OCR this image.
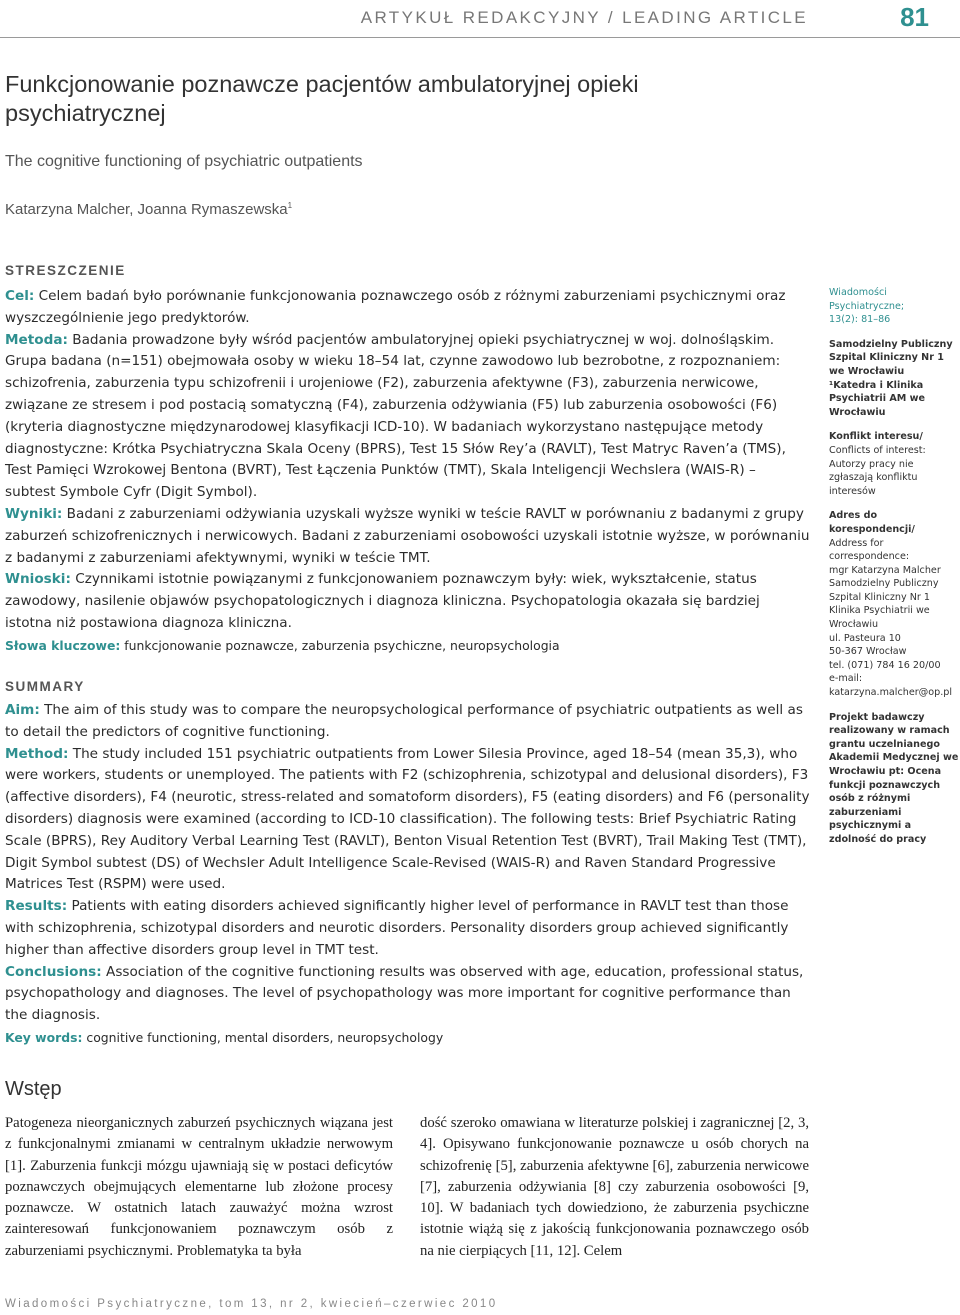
ARTYKUŁ REDAKCYJNY / LEADING ARTICLE	81
Funkcjonowanie poznawcze pacjentów ambulatoryjnej opieki psychiatrycznej
The cognitive functioning of psychiatric outpatients
Katarzyna Malcher, Joanna Rymaszewska$^1$
STRESZCZENIE
Cel: Celem badań było porównanie funkcjonowania poznawczego osób z różnymi zaburzeniami psychicznymi oraz wyszczególnienie jego predyktorów.
Metoda: Badania prowadzone były wśród pacjentów ambulatoryjnej opieki psychiatrycznej w woj. dolnośląskim. Grupa badana (n=151) obejmowała osoby w wieku 18–54 lat, czynne zawodowo lub bezrobotne, z rozpoznaniem: schizofrenia, zaburzenia typu schizofrenii i urojeniowe (F2), zaburzenia afektywne (F3), zaburzenia nerwicowe, związane ze stresem i pod postacią somatyczną (F4), zaburzenia odżywiania (F5) lub zaburzenia osobowości (F6) (kryteria diagnostyczne międzynarodowej klasyfikacji ICD-10). W badaniach wykorzystano następujące metody diagnostyczne: Krótka Psychiatryczna Skala Oceny (BPRS), Test 15 Słów Rey’a (RAVLT), Test Matryc Raven’a (TMS), Test Pamięci Wzrokowej Bentona (BVRT), Test Łączenia Punktów (TMT), Skala Inteligencji Wechslera (WAIS-R) – subtest Symbole Cyfr (Digit Symbol).
Wyniki: Badani z zaburzeniami odżywiania uzyskali wyższe wyniki w teście RAVLT w porównaniu z badanymi z grupy zaburzeń schizofrenicznych i nerwicowych. Badani z zaburzeniami osobowości uzyskali istotnie wyższe, w porównaniu z badanymi z zaburzeniami afektywnymi, wyniki w teście TMT.
Wnioski: Czynnikami istotnie powiązanymi z funkcjonowaniem poznawczym były: wiek, wykształcenie, status zawodowy, nasilenie objawów psychopatologicznych i diagnoza kliniczna. Psychopatologia okazała się bardziej istotna niż postawiona diagnoza kliniczna.
Słowa kluczowe: funkcjonowanie poznawcze, zaburzenia psychiczne, neuropsychologia
SUMMARY
Aim: The aim of this study was to compare the neuropsychological performance of psychiatric outpatients as well as to detail the predictors of cognitive functioning.
Method: The study included 151 psychiatric outpatients from Lower Silesia Province, aged 18–54 (mean 35,3), who were workers, students or unemployed. The patients with F2 (schizophrenia, schizotypal and delusional disorders), F3 (affective disorders), F4 (neurotic, stress-related and somatoform disorders), F5 (eating disorders) and F6 (personality disorders) diagnosis were examined (according to ICD-10 classification). The following tests: Brief Psychiatric Rating Scale (BPRS), Rey Auditory Verbal Learning Test (RAVLT), Benton Visual Retention Test (BVRT), Trail Making Test (TMT), Digit Symbol subtest (DS) of Wechsler Adult Intelligence Scale-Revised (WAIS-R) and Raven Standard Progressive Matrices Test (RSPM) were used.
Results: Patients with eating disorders achieved significantly higher level of performance in RAVLT test than those with schizophrenia, schizotypal disorders and neurotic disorders. Personality disorders group achieved significantly higher than affective disorders group level in TMT test.
Conclusions: Association of the cognitive functioning results was observed with age, education, professional status, psychopathology and diagnoses. The level of psychopathology was more important for cognitive performance than the diagnosis.
Key words: cognitive functioning, mental disorders, neuropsychology
Wiadomości Psychiatryczne;
13(2): 81–86
Samodzielny Publiczny Szpital Kliniczny Nr 1 we Wrocławiu
¹Katedra i Klinika Psychiatrii AM we Wrocławiu
Konflikt interesu/
Conflicts of interest:
Autorzy pracy nie zgłaszają konfliktu interesów
Adres do korespondencji/
Address for correspondence:
mgr Katarzyna Malcher
Samodzielny Publiczny Szpital Kliniczny Nr 1
Klinika Psychiatrii we Wrocławiu
ul. Pasteura 10
50-367 Wrocław
tel. (071) 784 16 20/00
e-mail:
katarzyna.malcher@op.pl
Projekt badawczy realizowany w ramach grantu uczelnianego Akademii Medycznej we Wrocławiu pt: Ocena funkcji poznawczych osób z różnymi zaburzeniami psychicznymi a zdolność do pracy
Wstęp
Patogeneza nieorganicznych zaburzeń psychicznych wiązana jest z funkcjonalnymi zmianami w centralnym układzie nerwowym [1]. Zaburzenia funkcji mózgu ujawniają się w postaci deficytów poznawczych obejmujących elementarne lub złożone procesy poznawcze. W ostatnich latach zauważyć można wzrost zainteresowań funkcjonowaniem poznawczym osób z zaburzeniami psychicznymi. Problematyka ta była
dość szeroko omawiana w literaturze polskiej i zagranicznej [2, 3, 4]. Opisywano funkcjonowanie poznawcze u osób chorych na schizofrenię [5], zaburzenia afektywne [6], zaburzenia nerwicowe [7], zaburzenia odżywiania [8] czy zaburzenia osobowości [9, 10]. W badaniach tych dowiedziono, że zaburzenia psychiczne istotnie wiążą się z jakością funkcjonowania poznawczego osób na nie cierpiących [11, 12]. Celem
Wiadomości Psychiatryczne, tom 13, nr 2, kwiecień–czerwiec 2010
